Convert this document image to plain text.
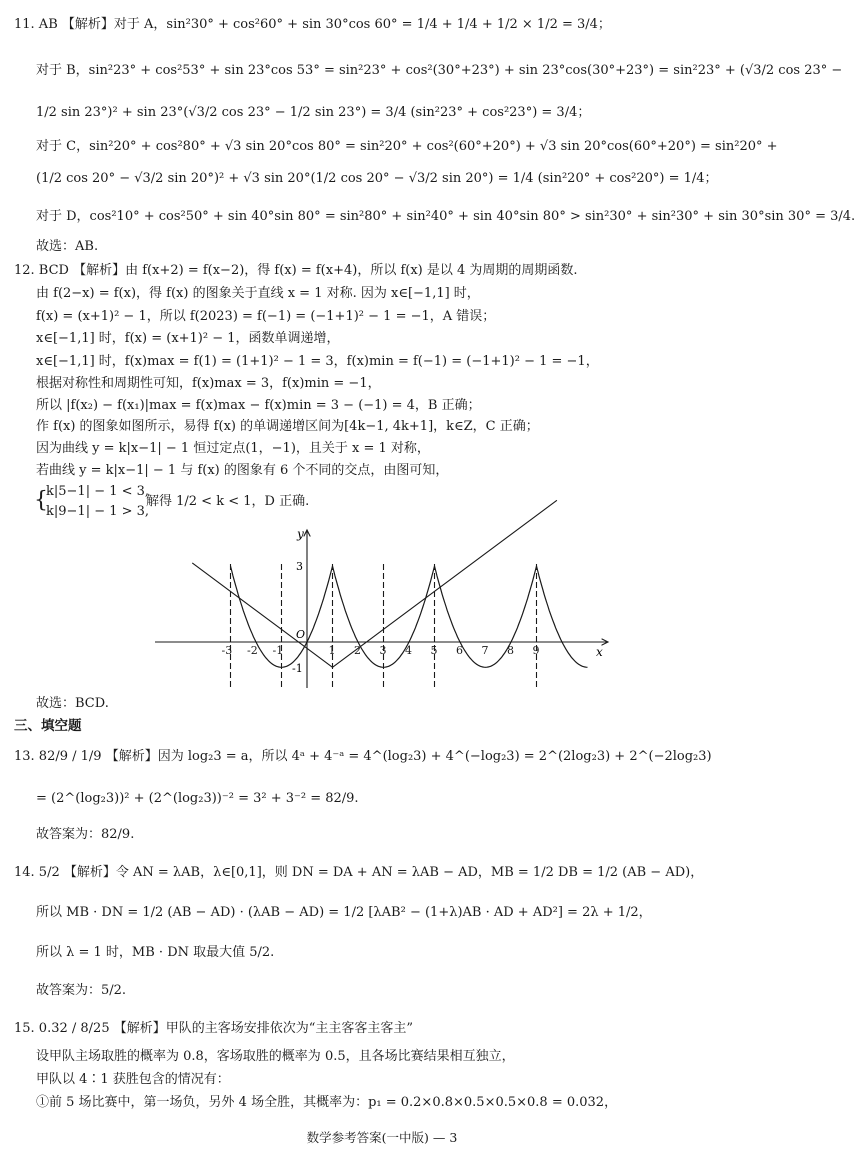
11. AB 【解析】对于 A，sin²30° + cos²60° + sin 30°cos 60° = 1/4 + 1/4 + 1/2 × 1/2 = 3/4；
对于 B，sin²23° + cos²53° + sin 23°cos 53° = sin²23° + cos²(30°+23°) + sin 23°cos(30°+23°) = sin²23° + (√3/2 cos 23° −
1/2 sin 23°)² + sin 23°(√3/2 cos 23° − 1/2 sin 23°) = 3/4 (sin²23° + cos²23°) = 3/4；
对于 C，sin²20° + cos²80° + √3 sin 20°cos 80° = sin²20° + cos²(60°+20°) + √3 sin 20°cos(60°+20°) = sin²20° +
(1/2 cos 20° − √3/2 sin 20°)² + √3 sin 20°(1/2 cos 20° − √3/2 sin 20°) = 1/4 (sin²20° + cos²20°) = 1/4；
对于 D，cos²10° + cos²50° + sin 40°sin 80° = sin²80° + sin²40° + sin 40°sin 80° > sin²30° + sin²30° + sin 30°sin 30° = 3/4.
故选：AB.
12. BCD 【解析】由 f(x+2) = f(x−2)，得 f(x) = f(x+4)，所以 f(x) 是以 4 为周期的周期函数.
由 f(2−x) = f(x)，得 f(x) 的图象关于直线 x = 1 对称. 因为 x∈[−1,1] 时，
f(x) = (x+1)² − 1，所以 f(2023) = f(−1) = (−1+1)² − 1 = −1，A 错误；
x∈[−1,1] 时，f(x) = (x+1)² − 1，函数单调递增，
x∈[−1,1] 时，f(x)max = f(1) = (1+1)² − 1 = 3，f(x)min = f(−1) = (−1+1)² − 1 = −1，
根据对称性和周期性可知，f(x)max = 3，f(x)min = −1，
所以 |f(x₂) − f(x₁)|max = f(x)max − f(x)min = 3 − (−1) = 4，B 正确；
作 f(x) 的图象如图所示，易得 f(x) 的单调递增区间为[4k−1, 4k+1]，k∈Z，C 正确；
因为曲线 y = k|x−1| − 1 恒过定点(1，−1)，且关于 x = 1 对称，
若曲线 y = k|x−1| − 1 与 f(x) 的图象有 6 个不同的交点，由图可知，
{
k|5−1| − 1 < 3,
k|9−1| − 1 > 3,
解得 1/2 < k < 1，D 正确.
-3 -2 -1	1 2 3 4 5 6 7 8 9
y
x
O
3
-1
故选：BCD.
三、填空题
13. 82/9 / 1/9 【解析】因为 log₂3 = a，所以 4ᵃ + 4⁻ᵃ = 4^(log₂3) + 4^(−log₂3) = 2^(2log₂3) + 2^(−2log₂3)
= (2^(log₂3))² + (2^(log₂3))⁻² = 3² + 3⁻² = 82/9.
故答案为：82/9.
14. 5/2 【解析】令 AN = λAB，λ∈[0,1]，则 DN = DA + AN = λAB − AD，MB = 1/2 DB = 1/2 (AB − AD)，
所以 MB · DN = 1/2 (AB − AD) · (λAB − AD) = 1/2 [λAB² − (1+λ)AB · AD + AD²] = 2λ + 1/2，
所以 λ = 1 时，MB · DN 取最大值 5/2.
故答案为：5/2.
15. 0.32 / 8/25 【解析】甲队的主客场安排依次为“主主客客主客主”
设甲队主场取胜的概率为 0.8，客场取胜的概率为 0.5，且各场比赛结果相互独立，
甲队以 4∶1 获胜包含的情况有：
①前 5 场比赛中，第一场负，另外 4 场全胜，其概率为：p₁ = 0.2×0.8×0.5×0.5×0.8 = 0.032，
数学参考答案(一中版) — 3
